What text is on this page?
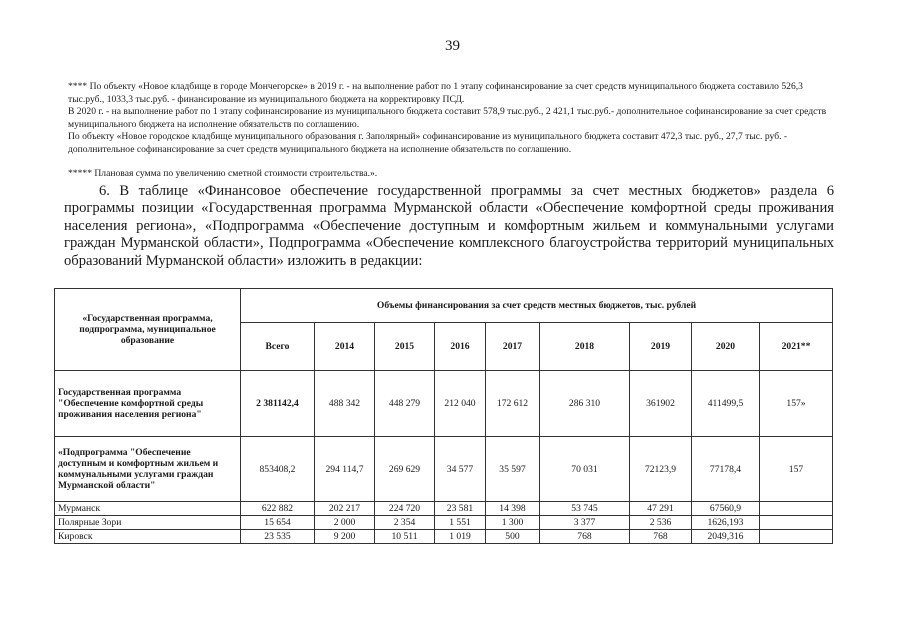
39

**** По объекту «Новое кладбище в городе Мончегорске» в 2019 г. - на выполнение работ по 1 этапу софинансирование за счет средств муниципального бюджета составило 526,3 тыс.руб., 1033,3 тыс.руб. - финансирование из муниципального бюджета на корректировку ПСД.

В 2020 г. - на выполнение работ по 1 этапу софинансирование из муниципального бюджета составит 578,9 тыс.руб., 2 421,1 тыс.руб.- дополнительное софинансирование за счет средств муниципального бюджета на исполнение обязательств по соглашению.

По объекту «Новое городское кладбище муниципального образования г. Заполярный» софинансирование из муниципального бюджета составит 472,3 тыс. руб., 27,7 тыс. руб. - дополнительное софинансирование за счет средств муниципального бюджета на исполнение обязательств по соглашению.

***** Плановая сумма по увеличению сметной стоимости строительства.».

6. В таблице «Финансовое обеспечение государственной программы за счет местных бюджетов» раздела 6 программы позиции «Государственная программа Мурманской области «Обеспечение комфортной среды проживания населения региона», «Подпрограмма «Обеспечение доступным и комфортным жильем и коммунальными услугами граждан Мурманской области», Подпрограмма «Обеспечение комплексного благоустройства территорий муниципальных образований Мурманской области» изложить в редакции:

«Государственная программа, подпрограмма, муниципальное образование	Объемы финансирования за счет средств местных бюджетов, тыс. рублей								
	Всего	2014	2015	2016	2017	2018	2019	2020	2021**
Государственная программа "Обеспечение комфортной среды проживания населения региона"	2 381142,4	488 342	448 279	212 040	172 612	286 310	361902	411499,5	157»
«Подпрограмма "Обеспечение доступным и комфортным жильем и коммунальными услугами граждан Мурманской области"	853408,2	294 114,7	269 629	34 577	35 597	70 031	72123,9	77178,4	157
Мурманск	622 882	202 217	224 720	23 581	14 398	53 745	47 291	67560,9	
Полярные Зори	15 654	2 000	2 354	1 551	1 300	3 377	2 536	1626,193	
Кировск	23 535	9 200	10 511	1 019	500	768	768	2049,316	
